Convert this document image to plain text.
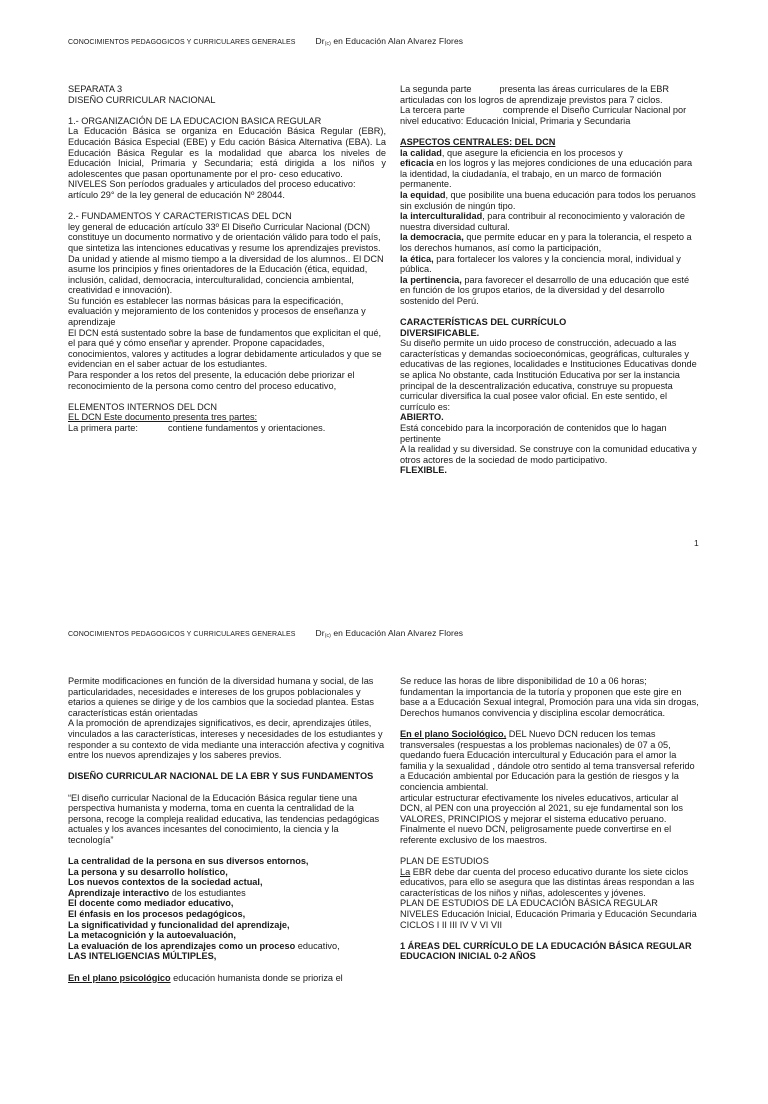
CONOCIMIENTOS PEDAGOGICOS Y CURRICULARES GENERALES $Dr_{(c)}$ en Educación Alan Alvarez Flores

SEPARATA 3

DISEÑO CURRICULAR NACIONAL

1.- ORGANIZACIÓN DE LA EDUCACION BASICA REGULAR

La Educación Básica se organiza en Educación Básica Regular (EBR), Educación Básica Especial (EBE) y Edu cación Básica Alternativa (EBA). La Educación Básica Regular es la modalidad que abarca los niveles de Educación Inicial, Primaria y Secundaria; está dirigida a los niños y adolescentes que pasan oportunamente por el pro- ceso educativo.

NIVELES Son períodos graduales y articulados del proceso educativo: artículo 29° de la ley general de educación Nº 28044.

2.- FUNDAMENTOS Y CARACTERISTICAS DEL DCN

ley general de educación artículo 33º El Diseño Curricular Nacional (DCN) constituye un documento normativo y de orientación válido para todo el país, que sintetiza las intenciones educativas y resume los aprendizajes previstos. Da unidad y atiende al mismo tiempo a la diversidad de los alumnos.. El DCN asume los principios y fines orientadores de la Educación (ética, equidad, inclusión, calidad, democracia, interculturalidad, conciencia ambiental, creatividad e innovación).

Su función es establecer las normas básicas para la especificación, evaluación y mejoramiento de los contenidos y procesos de enseñanza y aprendizaje

El DCN está sustentado sobre la base de fundamentos que explicitan el qué, el para qué y cómo enseñar y aprender. Propone capacidades, conocimientos, valores y actitudes a lograr debidamente articulados y que se evidencian en el saber actuar de los estudiantes.

Para responder a los retos del presente, la educación debe priorizar el reconocimiento de la persona como centro del proceso educativo,

ELEMENTOS INTERNOS DEL DCN

EL DCN Este documento presenta tres partes:

La primera parte:	contiene fundamentos y orientaciones.

La segunda parte	presenta las áreas curriculares de la EBR articuladas con los logros de aprendizaje previstos para 7 ciclos.

La tercera parte	comprende el Diseño Curricular Nacional por nivel educativo: Educación Inicial, Primaria y Secundaria

ASPECTOS CENTRALES: DEL DCN

la calidad, que asegure la eficiencia en los procesos y

eficacia en los logros y las mejores condiciones de una educación para la identidad, la ciudadanía, el trabajo, en un marco de formación permanente.

la equidad, que posibilite una buena educación para todos los peruanos sin exclusión de ningún tipo.

la interculturalidad, para contribuir al reconocimiento y valoración de nuestra diversidad cultural.

la democracia, que permite educar en y para la tolerancia, el respeto a los derechos humanos, así como la participación,

la ética, para fortalecer los valores y la conciencia moral, individual y pública.

la pertinencia, para favorecer el desarrollo de una educación que esté en función de los grupos etarios, de la diversidad y del desarrollo sostenido del Perú.

CARACTERÍSTICAS DEL CURRÍCULO

DIVERSIFICABLE.

Su diseño permite un uido proceso de construcción, adecuado a las características y demandas socioeconómicas, geográficas, culturales y educativas de las regiones, localidades e Instituciones Educativas donde se aplica No obstante, cada Institución Educativa por ser la instancia principal de la descentralización educativa, construye su propuesta curricular diversifica la cual posee valor oficial. En este sentido, el currículo es:

ABIERTO.

Está concebido para la incorporación de contenidos que lo hagan pertinente

A la realidad y su diversidad. Se construye con la comunidad educativa y otros actores de la sociedad de modo participativo.

FLEXIBLE.

1
CONOCIMIENTOS PEDAGOGICOS Y CURRICULARES GENERALES $Dr_{(c)}$ en Educación Alan Alvarez Flores

Permite modificaciones en función de la diversidad humana y social, de las particularidades, necesidades e intereses de los grupos poblacionales y etarios a quienes se dirige y de los cambios que la sociedad plantea. Estas características están orientadas

A la promoción de aprendizajes significativos, es decir, aprendizajes útiles, vinculados a las características, intereses y necesidades de los estudiantes y responder a su contexto de vida mediante una interacción afectiva y cognitiva entre los nuevos aprendizajes y los saberes previos.

DISEÑO CURRICULAR NACIONAL DE LA EBR Y SUS FUNDAMENTOS

“El diseño curricular Nacional de la Educación Básica regular tiene una perspectiva humanista y moderna, toma en cuenta la centralidad de la persona, recoge la compleja realidad educativa, las tendencias pedagógicas actuales y los avances incesantes del conocimiento, la ciencia y la tecnología”

La centralidad de la persona en sus diversos entornos,

La persona y su desarrollo holístico,

Los nuevos contextos de la sociedad actual,

Aprendizaje interactivo de los estudiantes

El docente como mediador educativo,

El énfasis en los procesos pedagógicos,

La significatividad y funcionalidad del aprendizaje,

La metacognición y la autoevaluación,

La evaluación de los aprendizajes como un proceso educativo,

LAS INTELIGENCIAS MÚLTIPLES,

En el plano psicológico educación humanista donde se prioriza el

Se reduce las horas de libre disponibilidad de 10 a 06 horas; fundamentan la importancia de la tutoría y proponen que este gire en base a a Educación Sexual integral, Promoción para una vida sin drogas, Derechos humanos convivencia y disciplina escolar democrática.

En el plano Sociológico, DEL Nuevo DCN reducen los temas transversales (respuestas a los problemas nacionales) de 07 a 05, quedando fuera Educación intercultural y Educación para el amor la familia y la sexualidad , dándole otro sentido al tema transversal referido a Educación ambiental por Educación para la gestión de riesgos y la conciencia ambiental.

articular estructurar efectivamente los niveles educativos, articular al DCN, al PEN con una proyección al 2021, su eje fundamental son los VALORES, PRINCIPIOS y mejorar el sistema educativo peruano. Finalmente el nuevo DCN, peligrosamente puede convertirse en el referente exclusivo de los maestros.

PLAN DE ESTUDIOS

La EBR debe dar cuenta del proceso educativo durante los siete ciclos educativos, para ello se asegura que las distintas áreas respondan a las características de los niños y niñas, adolescentes y jóvenes.

PLAN DE ESTUDIOS DE LA EDUCACIÓN BÁSICA REGULAR

NIVELES Educación Inicial, Educación Primaria y Educación Secundaria

CICLOS I II III IV V VI VII

1 ÁREAS DEL CURRÍCULO DE LA EDUCACIÓN BÁSICA REGULAR

EDUCACION INICIAL 0-2 AÑOS
